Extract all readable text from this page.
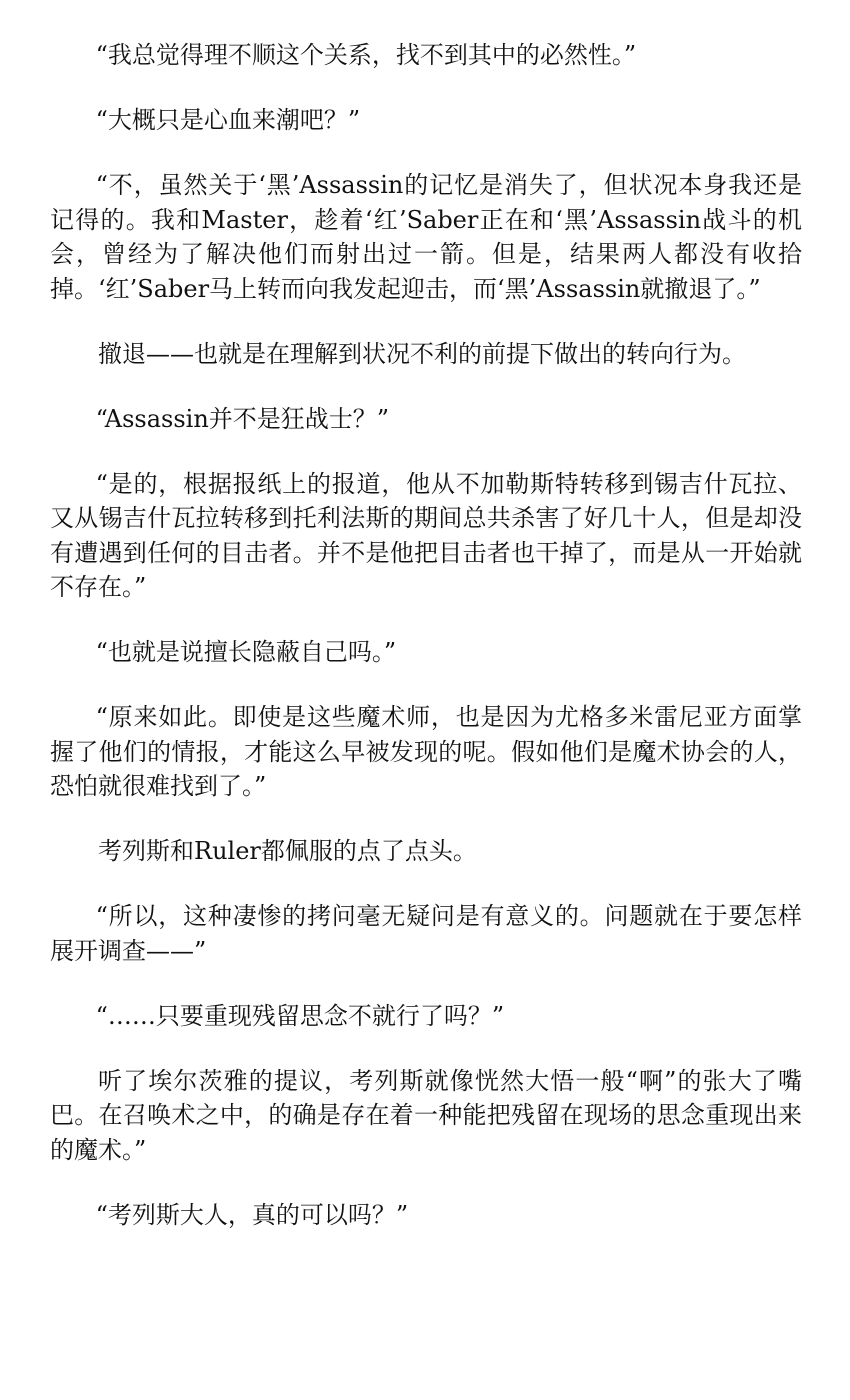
“我总觉得理不顺这个关系，找不到其中的必然性。”

“大概只是心血来潮吧？”

“不，虽然关于‘黑’Assassin的记忆是消失了，但状况本身我还是记得的。我和Master，趁着‘红’Saber正在和‘黑’Assassin战斗的机会，曾经为了解决他们而射出过一箭。但是，结果两人都没有收拾掉。‘红’Saber马上转而向我发起迎击，而‘黑’Assassin就撤退了。”

撤退——也就是在理解到状况不利的前提下做出的转向行为。

“Assassin并不是狂战士？”

“是的，根据报纸上的报道，他从不加勒斯特转移到锡吉什瓦拉、又从锡吉什瓦拉转移到托利法斯的期间总共杀害了好几十人，但是却没有遭遇到任何的目击者。并不是他把目击者也干掉了，而是从一开始就不存在。”

“也就是说擅长隐蔽自己吗。”

“原来如此。即使是这些魔术师，也是因为尤格多米雷尼亚方面掌握了他们的情报，才能这么早被发现的呢。假如他们是魔术协会的人，恐怕就很难找到了。”

考列斯和Ruler都佩服的点了点头。

“所以，这种凄惨的拷问毫无疑问是有意义的。问题就在于要怎样展开调查——”

“……只要重现残留思念不就行了吗？”

听了埃尔茨雅的提议，考列斯就像恍然大悟一般“啊”的张大了嘴巴。在召唤术之中，的确是存在着一种能把残留在现场的思念重现出来的魔术。”

“考列斯大人，真的可以吗？”
